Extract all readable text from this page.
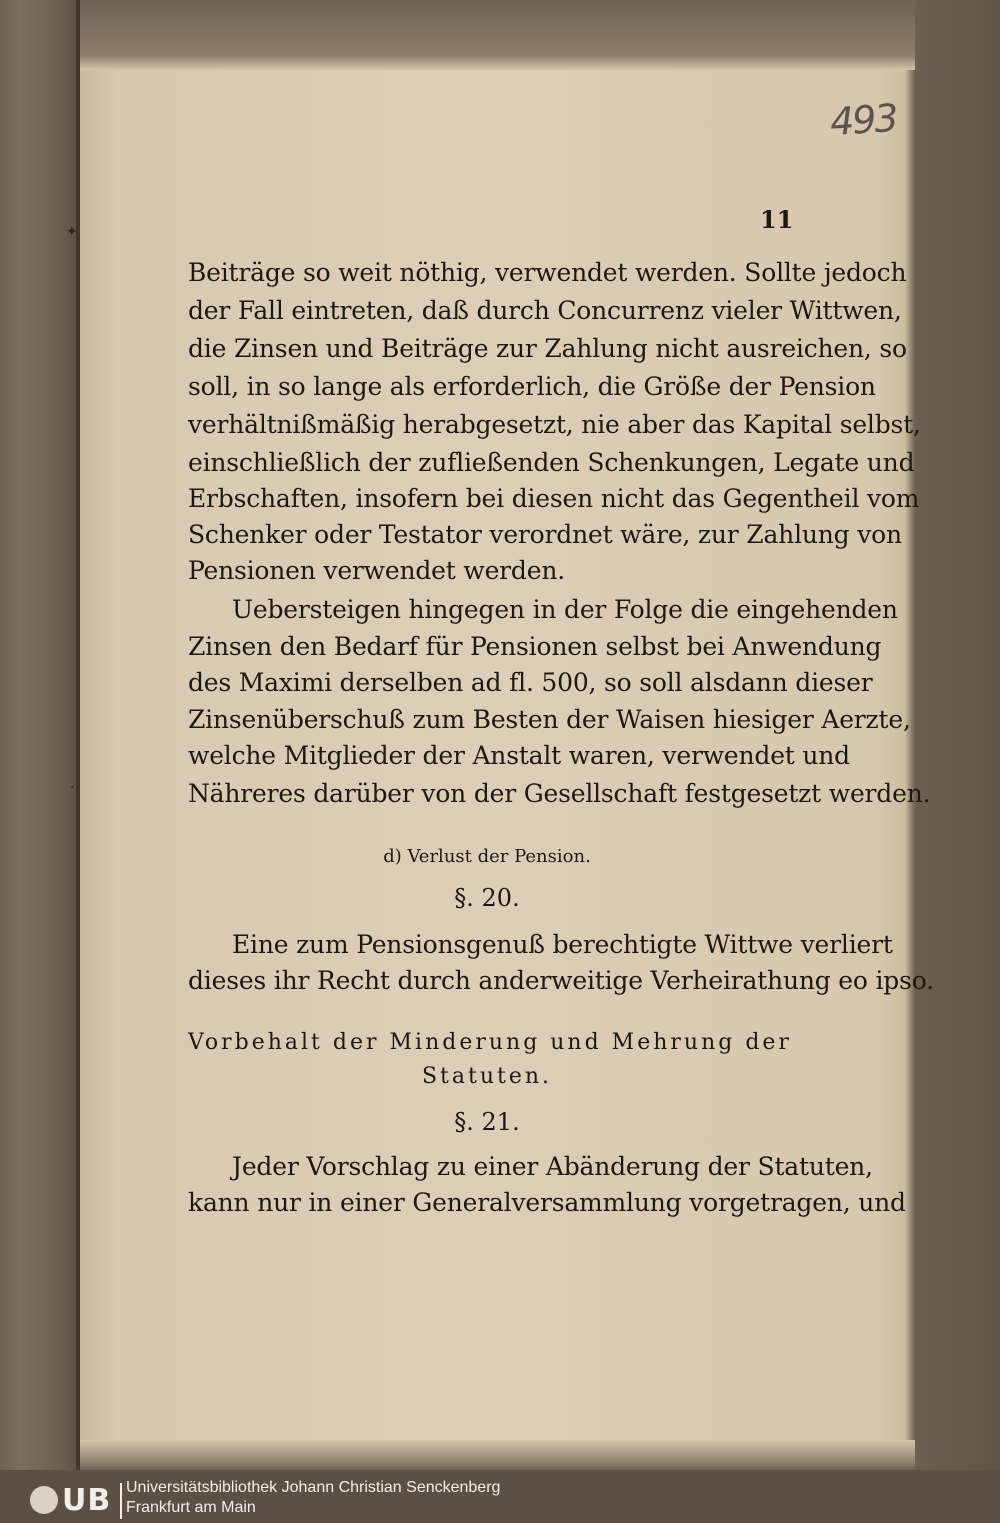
✦
·
493
11
Beiträge so weit nöthig, verwendet werden. Sollte jedoch
der Fall eintreten, daß durch Concurrenz vieler Wittwen,
die Zinsen und Beiträge zur Zahlung nicht ausreichen, so
soll, in so lange als erforderlich, die Größe der Pension
verhältnißmäßig herabgesetzt, nie aber das Kapital selbst,
einschließlich der zufließenden Schenkungen, Legate und
Erbschaften, insofern bei diesen nicht das Gegentheil vom
Schenker oder Testator verordnet wäre, zur Zahlung von
Pensionen verwendet werden.
Uebersteigen hingegen in der Folge die eingehenden
Zinsen den Bedarf für Pensionen selbst bei Anwendung
des Maximi derselben ad fl. 500, so soll alsdann dieser
Zinsenüberschuß zum Besten der Waisen hiesiger Aerzte,
welche Mitglieder der Anstalt waren, verwendet und
Nähreres darüber von der Gesellschaft festgesetzt werden.
d) Verlust der Pension.
§. 20.
Eine zum Pensionsgenuß berechtigte Wittwe verliert
dieses ihr Recht durch anderweitige Verheirathung eo ipso.
Vorbehalt der Minderung und Mehrung der
Statuten.
§. 21.
Jeder Vorschlag zu einer Abänderung der Statuten,
kann nur in einer Generalversammlung vorgetragen, und
UB Universitätsbibliothek Johann Christian Senckenberg
Frankfurt am Main
